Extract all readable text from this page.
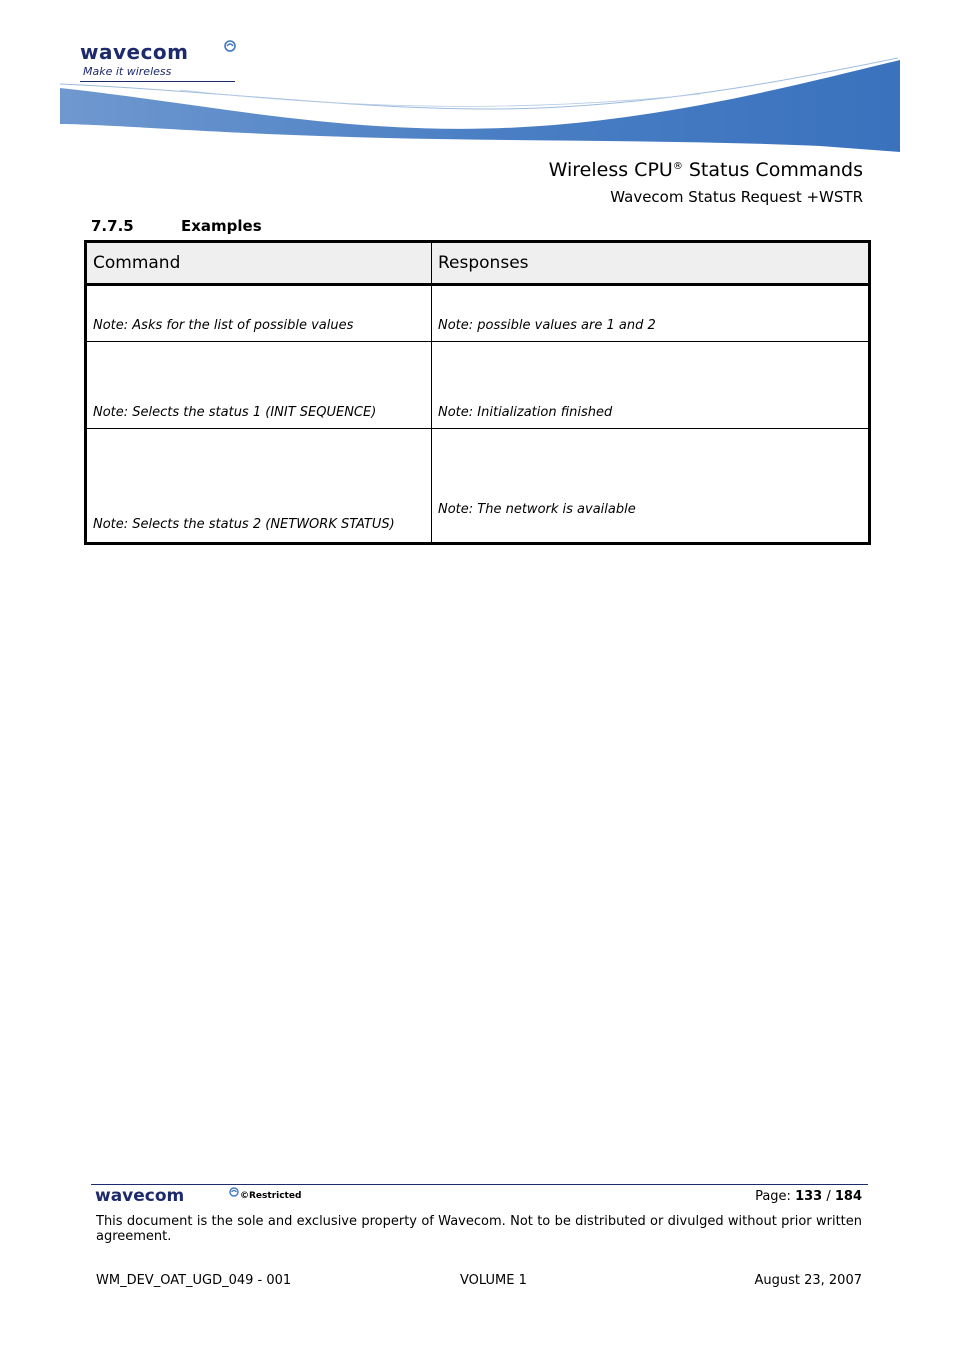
wavecom
Make it wireless
Wireless CPU® Status Commands
Wavecom Status Request +WSTR
7.7.5	Examples
Command	Responses
Note: Asks for the list of possible values	Note: possible values are 1 and 2
Note: Selects the status 1 (INIT SEQUENCE)	Note: Initialization finished
Note: Selects the status 2 (NETWORK STATUS)	Note: The network is available
wavecom	©Restricted	Page: 133 / 184
This document is the sole and exclusive property of Wavecom. Not to be distributed or divulged without prior written agreement.
WM_DEV_OAT_UGD_049 - 001	VOLUME 1	August 23, 2007
